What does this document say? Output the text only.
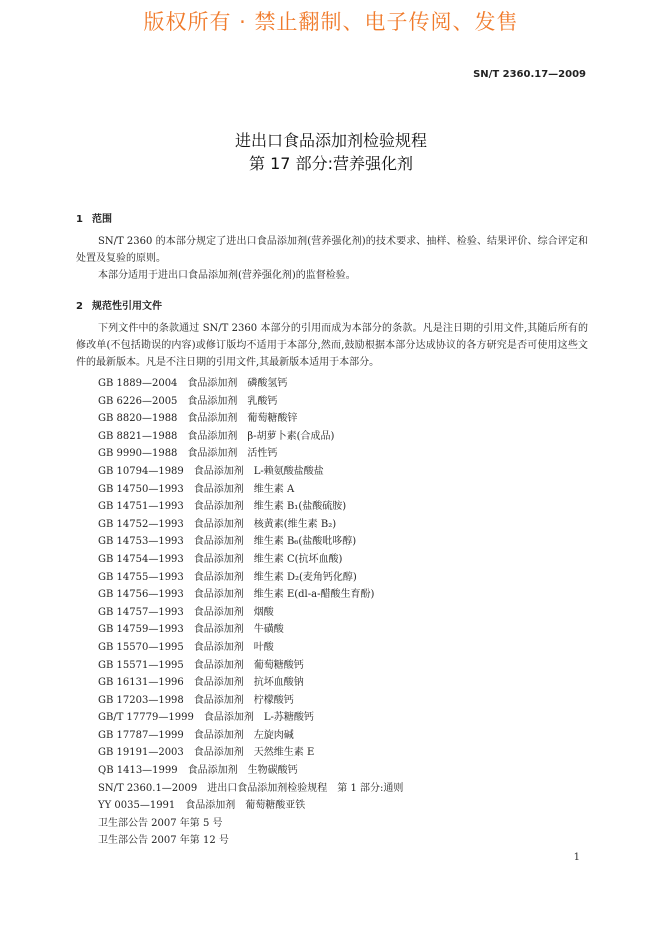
版权所有 · 禁止翻制、电子传阅、发售
SN/T 2360.17—2009
进出口食品添加剂检验规程
第 17 部分:营养强化剂
1 范围
SN/T 2360 的本部分规定了进出口食品添加剂(营养强化剂)的技术要求、抽样、检验、结果评价、综合评定和处置及复验的原则。
本部分适用于进出口食品添加剂(营养强化剂)的监督检验。
2 规范性引用文件
下列文件中的条款通过 SN/T 2360 本部分的引用而成为本部分的条款。凡是注日期的引用文件,其随后所有的修改单(不包括勘误的内容)或修订版均不适用于本部分,然而,鼓励根据本部分达成协议的各方研究是否可使用这些文件的最新版本。凡是不注日期的引用文件,其最新版本适用于本部分。
GB 1889—2004 食品添加剂 磷酸氢钙
GB 6226—2005 食品添加剂 乳酸钙
GB 8820—1988 食品添加剂 葡萄糖酸锌
GB 8821—1988 食品添加剂 β-胡萝卜素(合成品)
GB 9990—1988 食品添加剂 活性钙
GB 10794—1989 食品添加剂 L-赖氨酸盐酸盐
GB 14750—1993 食品添加剂 维生素 A
GB 14751—1993 食品添加剂 维生素 B₁(盐酸硫胺)
GB 14752—1993 食品添加剂 核黄素(维生素 B₂)
GB 14753—1993 食品添加剂 维生素 B₆(盐酸吡哆醇)
GB 14754—1993 食品添加剂 维生素 C(抗坏血酸)
GB 14755—1993 食品添加剂 维生素 D₂(麦角钙化醇)
GB 14756—1993 食品添加剂 维生素 E(dl-a-醋酸生育酚)
GB 14757—1993 食品添加剂 烟酸
GB 14759—1993 食品添加剂 牛磺酸
GB 15570—1995 食品添加剂 叶酸
GB 15571—1995 食品添加剂 葡萄糖酸钙
GB 16131—1996 食品添加剂 抗坏血酸钠
GB 17203—1998 食品添加剂 柠檬酸钙
GB/T 17779—1999 食品添加剂 L-苏糖酸钙
GB 17787—1999 食品添加剂 左旋肉碱
GB 19191—2003 食品添加剂 天然维生素 E
QB 1413—1999 食品添加剂 生物碳酸钙
SN/T 2360.1—2009 进出口食品添加剂检验规程 第 1 部分:通则
YY 0035—1991 食品添加剂 葡萄糖酸亚铁
卫生部公告 2007 年第 5 号
卫生部公告 2007 年第 12 号
1
